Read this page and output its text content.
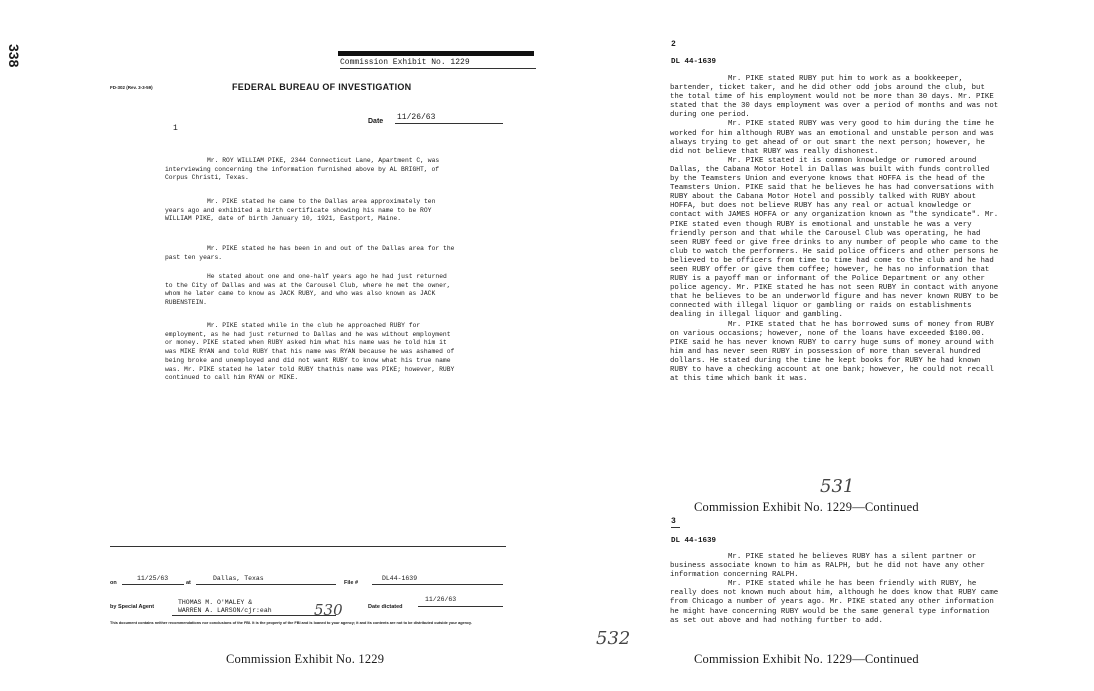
338	Commission Exhibit No. 1229
FD-302 (Rev. 3-3-59)	FEDERAL BUREAU OF INVESTIGATION
Date 11/26/63
1

Mr. ROY WILLIAM PIKE, 2344 Connecticut Lane, Apartment C, was interviewing concerning the information furnished above by AL BRIGHT, of Corpus Christi, Texas.

Mr. PIKE stated he came to the Dallas area approximately ten years ago and exhibited a birth certificate showing his name to be ROY WILLIAM PIKE, date of birth January 10, 1921, Eastport, Maine.

Mr. PIKE stated he has been in and out of the Dallas area for the past ten years.

He stated about one and one-half years ago he had just returned to the City of Dallas and was at the Carousel Club, where he met the owner, whom he later came to know as JACK RUBY, and who was also known as JACK RUBENSTEIN.

Mr. PIKE stated while in the club he approached RUBY for employment, as he had just returned to Dallas and he was without employment or money. PIKE stated when RUBY asked him what his name was he told him it was MIKE RYAN and told RUBY that his name was RYAN because he was ashamed of being broke and unemployed and did not want RUBY to know what his true name was. Mr. PIKE stated he later told RUBY thathis name was PIKE; however, RUBY continued to call him RYAN or MIKE.

on
11/25/63
at
Dallas, Texas
File #
DL44-1639
by Special Agent
THOMAS M. O'MALEY &
WARREN A. LARSON/cjr:eah	530	Date dictated
11/26/63
This document contains neither recommendations nor conclusions of the FBI. It is the property of the FBI and is loaned to your agency; it and its contents are not to be distributed outside your agency.
Commission Exhibit No. 1229
2
DL 44-1639

Mr. PIKE stated RUBY put him to work as a bookkeeper, bartender, ticket taker, and he did other odd jobs around the club, but the total time of his employment would not be more than 30 days. Mr. PIKE stated that the 30 days employment was over a period of months and was not during one period.

Mr. PIKE stated RUBY was very good to him during the time he worked for him although RUBY was an emotional and unstable person and was always trying to get ahead of or out smart the next person; however, he did not believe that RUBY was really dishonest.

Mr. PIKE stated it is common knowledge or rumored around Dallas, the Cabana Motor Hotel in Dallas was built with funds controlled by the Teamsters Union and everyone knows that HOFFA is the head of the Teamsters Union. PIKE said that he believes he has had conversations with RUBY about the Cabana Motor Hotel and possibly talked with RUBY about HOFFA, but does not believe RUBY has any real or actual knowledge or contact with JAMES HOFFA or any organization known as "the syndicate". Mr. PIKE stated even though RUBY is emotional and unstable he was a very friendly person and that while the Carousel Club was operating, he had seen RUBY feed or give free drinks to any number of people who came to the club to watch the performers. He said police officers and other persons he believed to be officers from time to time had come to the club and he had seen RUBY offer or give them coffee; however, he has no information that RUBY is a payoff man or informant of the Police Department or any other police agency. Mr. PIKE stated he has not seen RUBY in contact with anyone that he believes to be an underworld figure and has never known RUBY to be connected with illegal liquor or gambling or raids on establishments dealing in illegal liquor and gambling.

Mr. PIKE stated that he has borrowed sums of money from RUBY on various occasions; however, none of the loans have exceeded $100.00. PIKE said he has never known RUBY to carry huge sums of money around with him and has never seen RUBY in possession of more than several hundred dollars. He stated during the time he kept books for RUBY he had known RUBY to have a checking account at one bank; however, he could not recall at this time which bank it was.

531
Commission Exhibit No. 1229—Continued
3
DL 44-1639

Mr. PIKE stated he believes RUBY has a silent partner or business associate known to him as RALPH, but he did not have any other information concerning RALPH.

Mr. PIKE stated while he has been friendly with RUBY, he really does not known much about him, although he does know that RUBY came from Chicago a number of years ago. Mr. PIKE stated any other information he might have concerning RUBY would be the same general type information as set out above and had nothing furtber to add.

532
Commission Exhibit No. 1229—Continued
